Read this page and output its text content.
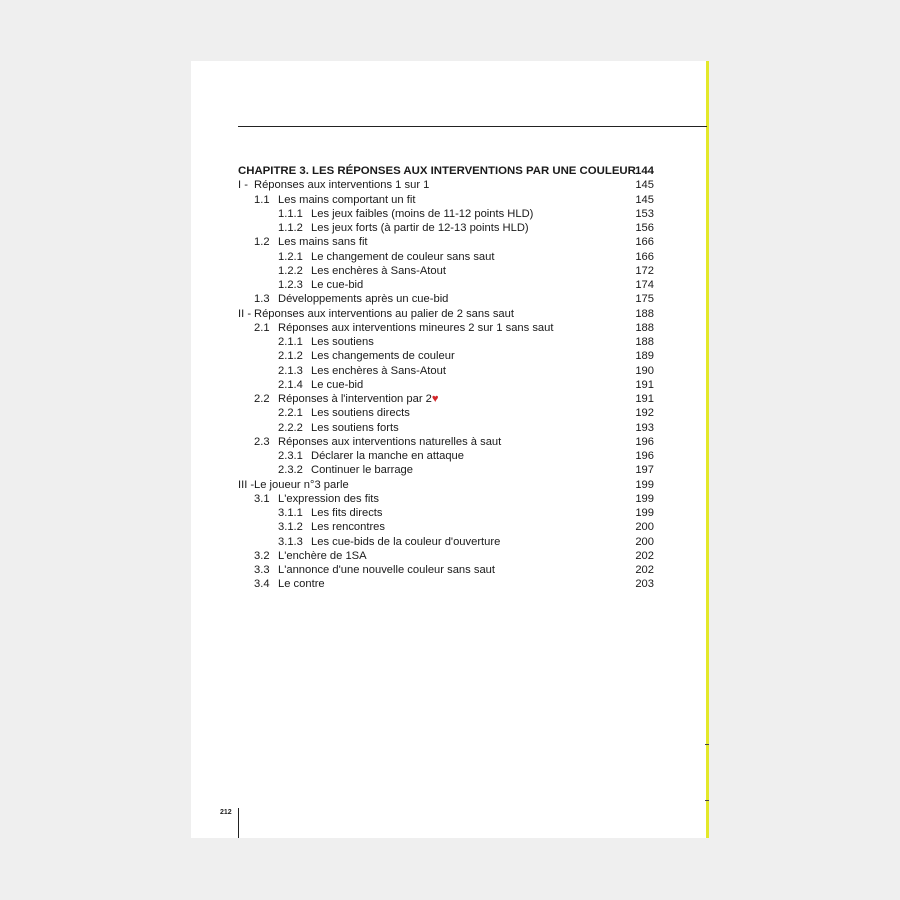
CHAPITRE 3. LES RÉPONSES AUX INTERVENTIONS PAR UNE COULEUR 144
I - Réponses aux interventions 1 sur 1	145
1.1 Les mains comportant un fit	145
1.1.1 Les jeux faibles (moins de 11-12 points HLD)	153
1.1.2 Les jeux forts (à partir de 12-13 points HLD)	156
1.2 Les mains sans fit	166
1.2.1 Le changement de couleur sans saut	166
1.2.2 Les enchères à Sans-Atout	172
1.2.3 Le cue-bid	174
1.3 Développements après un cue-bid	175
II - Réponses aux interventions au palier de 2 sans saut	188
2.1 Réponses aux interventions mineures 2 sur 1 sans saut	188
2.1.1 Les soutiens	188
2.1.2 Les changements de couleur	189
2.1.3 Les enchères à Sans-Atout	190
2.1.4 Le cue-bid	191
2.2 Réponses à l'intervention par 2♥	191
2.2.1 Les soutiens directs	192
2.2.2 Les soutiens forts	193
2.3 Réponses aux interventions naturelles à saut	196
2.3.1 Déclarer la manche en attaque	196
2.3.2 Continuer le barrage	197
III - Le joueur n°3 parle	199
3.1 L'expression des fits	199
3.1.1 Les fits directs	199
3.1.2 Les rencontres	200
3.1.3 Les cue-bids de la couleur d'ouverture	200
3.2 L'enchère de 1SA	202
3.3 L'annonce d'une nouvelle couleur sans saut	202
3.4 Le contre	203
212
